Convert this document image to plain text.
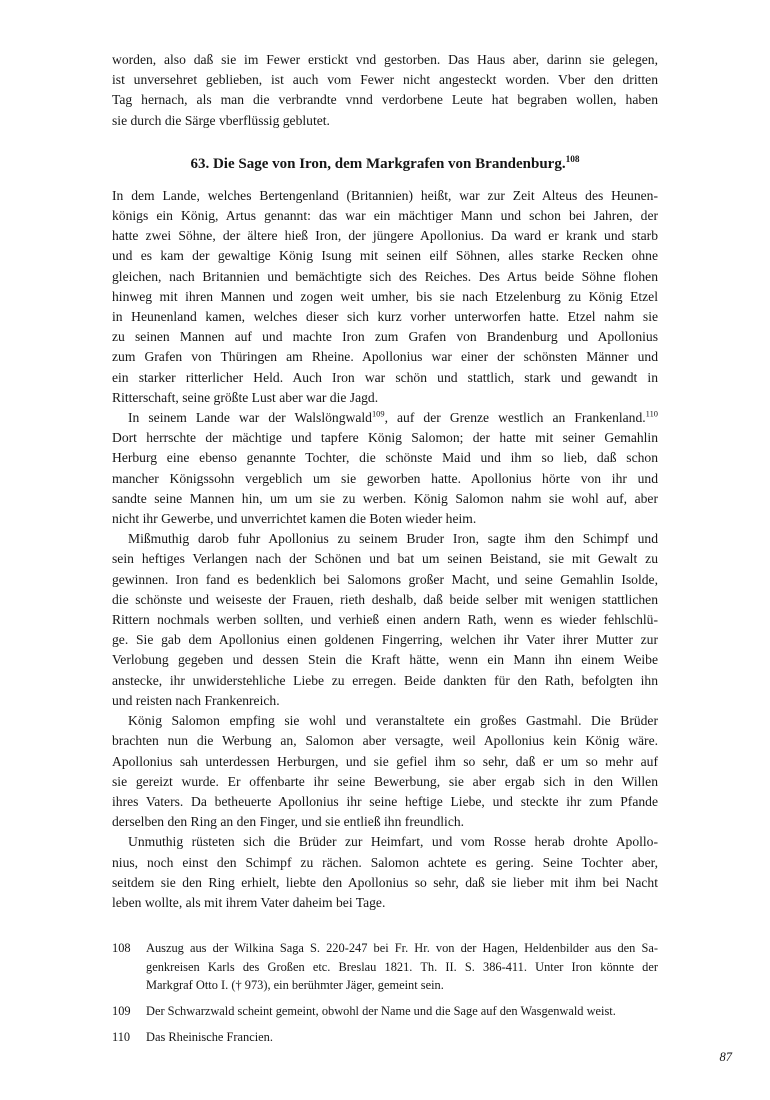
worden, also daß sie im Fewer erstickt vnd gestorben. Das Haus aber, darinn sie gelegen,
ist unversehret geblieben, ist auch vom Fewer nicht angesteckt worden. Vber den dritten
Tag hernach, als man die verbrandte vnnd verdorbene Leute hat begraben wollen, haben
sie durch die Särge vberflüssig geblutet.
63. Die Sage von Iron, dem Markgrafen von Brandenburg.$^{108}$
In dem Lande, welches Bertengenland (Britannien) heißt, war zur Zeit Alteus des Heunen-
königs ein König, Artus genannt: das war ein mächtiger Mann und schon bei Jahren, der
hatte zwei Söhne, der ältere hieß Iron, der jüngere Apollonius. Da ward er krank und starb
und es kam der gewaltige König Isung mit seinen eilf Söhnen, alles starke Recken ohne
gleichen, nach Britannien und bemächtigte sich des Reiches. Des Artus beide Söhne flohen
hinweg mit ihren Mannen und zogen weit umher, bis sie nach Etzelenburg zu König Etzel
in Heunenland kamen, welches dieser sich kurz vorher unterworfen hatte. Etzel nahm sie
zu seinen Mannen auf und machte Iron zum Grafen von Brandenburg und Apollonius
zum Grafen von Thüringen am Rheine. Apollonius war einer der schönsten Männer und
ein starker ritterlicher Held. Auch Iron war schön und stattlich, stark und gewandt in
Ritterschaft, seine größte Lust aber war die Jagd.
In seinem Lande war der Walslöngwald$^{109}$, auf der Grenze westlich an Frankenland.$^{110}$
Dort herrschte der mächtige und tapfere König Salomon; der hatte mit seiner Gemahlin
Herburg eine ebenso genannte Tochter, die schönste Maid und ihm so lieb, daß schon
mancher Königssohn vergeblich um sie geworben hatte. Apollonius hörte von ihr und
sandte seine Mannen hin, um um sie zu werben. König Salomon nahm sie wohl auf, aber
nicht ihr Gewerbe, und unverrichtet kamen die Boten wieder heim.
Mißmuthig darob fuhr Apollonius zu seinem Bruder Iron, sagte ihm den Schimpf und
sein heftiges Verlangen nach der Schönen und bat um seinen Beistand, sie mit Gewalt zu
gewinnen. Iron fand es bedenklich bei Salomons großer Macht, und seine Gemahlin Isolde,
die schönste und weiseste der Frauen, rieth deshalb, daß beide selber mit wenigen stattlichen
Rittern nochmals werben sollten, und verhieß einen andern Rath, wenn es wieder fehlschlü-
ge. Sie gab dem Apollonius einen goldenen Fingerring, welchen ihr Vater ihrer Mutter zur
Verlobung gegeben und dessen Stein die Kraft hätte, wenn ein Mann ihn einem Weibe
anstecke, ihr unwiderstehliche Liebe zu erregen. Beide dankten für den Rath, befolgten ihn
und reisten nach Frankenreich.
König Salomon empfing sie wohl und veranstaltete ein großes Gastmahl. Die Brüder
brachten nun die Werbung an, Salomon aber versagte, weil Apollonius kein König wäre.
Apollonius sah unterdessen Herburgen, und sie gefiel ihm so sehr, daß er um so mehr auf
sie gereizt wurde. Er offenbarte ihr seine Bewerbung, sie aber ergab sich in den Willen
ihres Vaters. Da betheuerte Apollonius ihr seine heftige Liebe, und steckte ihr zum Pfande
derselben den Ring an den Finger, und sie entließ ihn freundlich.
Unmuthig rüsteten sich die Brüder zur Heimfart, und vom Rosse herab drohte Apollo-
nius, noch einst den Schimpf zu rächen. Salomon achtete es gering. Seine Tochter aber,
seitdem sie den Ring erhielt, liebte den Apollonius so sehr, daß sie lieber mit ihm bei Nacht
leben wollte, als mit ihrem Vater daheim bei Tage.
108	Auszug aus der Wilkina Saga S. 220-247 bei Fr. Hr. von der Hagen, Heldenbilder aus den Sa-
genkreisen Karls des Großen etc. Breslau 1821. Th. II. S. 386-411. Unter Iron könnte der
Markgraf Otto I. († 973), ein berühmter Jäger, gemeint sein.
109	Der Schwarzwald scheint gemeint, obwohl der Name und die Sage auf den Wasgenwald weist.
110	Das Rheinische Francien.
87
